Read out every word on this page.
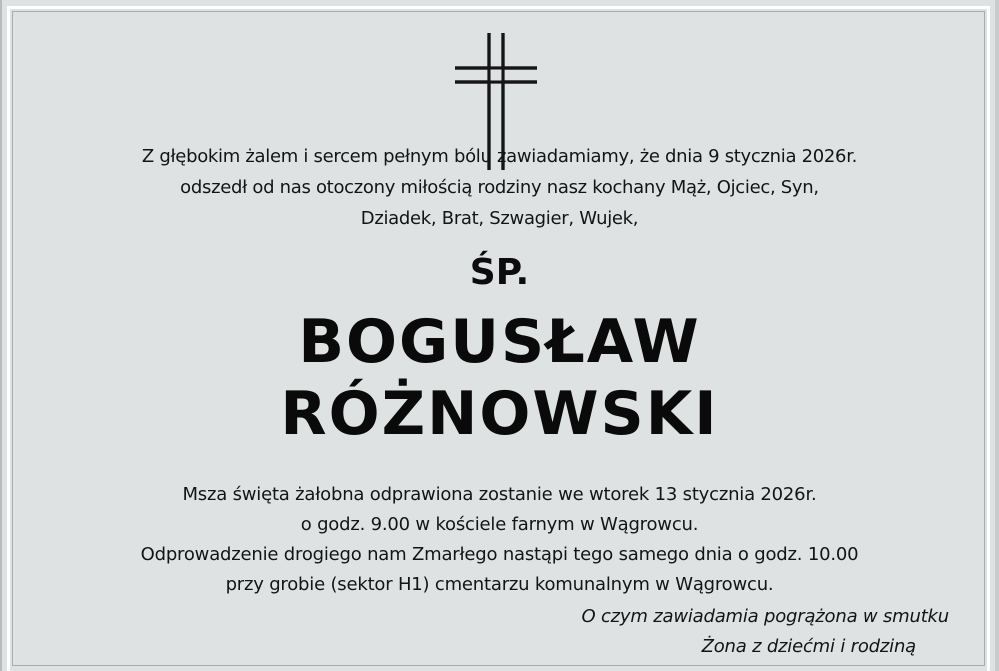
Z głębokim żalem i sercem pełnym bólu zawiadamiamy, że dnia 9 stycznia 2026r.
odszedł od nas otoczony miłością rodziny nasz kochany Mąż, Ojciec, Syn,
Dziadek, Brat, Szwagier, Wujek,
ŚP.
BOGUSŁAW
RÓŻNOWSKI
Msza święta żałobna odprawiona zostanie we wtorek 13 stycznia 2026r.
o godz. 9.00 w kościele farnym w Wągrowcu.
Odprowadzenie drogiego nam Zmarłego nastąpi tego samego dnia o godz. 10.00
przy grobie (sektor H1) cmentarzu komunalnym w Wągrowcu.
O czym zawiadamia pogrążona w smutku
Żona z dziećmi i rodziną
